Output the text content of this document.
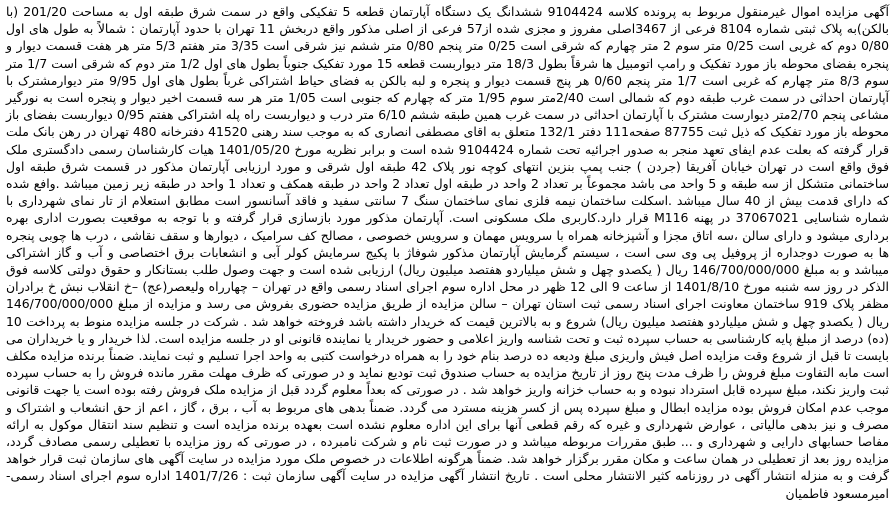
آگهی مزایده اموال غیرمنقول مربوط به پرونده کلاسه 9104424 ششدانگ یک دستگاه آپارتمان قطعه 5 تفکیکی واقع در سمت شرق طبقه اول به مساحت 201/20 (با بالکن)به پلاک ثبتی شماره 8104 فرعی از 3467اصلی مفروز و مجزی شده از57 فرعی از اصلی مذکور واقع دربخش 11 تهران با حدود آپارتمان : شمالاً به طول های اول 0/80 دوم که غربی است 0/25 متر سوم 2 متر چهارم که شرقی است 0/25 متر پنجم 0/80 متر ششم نیز شرقی است 3/35 متر هفتم 5/3 متر هر هفت قسمت دیوار و پنجره بفضای محوطه باز مورد تفکیک و رامپ اتومبیل ها شرقاً بطول 18/3 متر دیواربست قطعه 15 مورد تفکیک جنوباً بطول های اول 1/2 متر دوم که شرقی است 1/7 متر سوم 8/3 متر چهارم که غربی است 1/7 متر پنجم 0/60 هر پنج قسمت دیوار و پنجره و لبه بالکن به فضای حیاط اشتراکی غرباً بطول های اول 9/95 متر دیوارمشترک با آپارتمان احداثی در سمت غرب طبقه دوم که شمالی است 2/40متر سوم 1/95 متر که چهارم که جنوبی است 1/05 متر هر سه قسمت اخیر دیوار و پنجره است به نورگیر مشاعی پنجم 2/70متر دیوارست مشترک با آپارتمان احداثی در سمت غرب همین طبقه ششم 6/10 متر درب و دیواربست راه پله اشتراکی هفتم 0/95 دیواربست بفضای باز محوطه باز مورد تفکیک که ذیل ثبت 87755 صفحه111 دفتر 132/1 متعلق به اقای مصطفی انصاری که به موجب سند رهنی 41520 دفترخانه 480 تهران در رهن بانک ملت قرار گرفته که بعلت عدم ایفای تعهد منجر به صدور اجرائیه تحت شماره 9104424 شده است و برابر نظریه مورخ 1401/05/20 هیات کارشناسان رسمی دادگستری ملک فوق واقع است در تهران خیابان آفریقا (جردن ) جنب پمپ بنزین انتهای کوچه نور پلاک 42 طبقه اول شرقی و مورد ارزیابی آپارتمان مذکور در قسمت شرق طبقه اول ساختمانی متشکل از سه طبقه و 5 واحد می باشد مجموعاً بر تعداد 2 واحد در طبقه اول تعداد 2 واحد در طبقه همکف و تعداد 1 واحد در طبقه زیر زمین میباشد .وافع شده که دارای قدمت بیش از 40 سال میباشد .اسکلت ساختمان نیمه فلزی نمای ساختمان سنگ 7 سانتی سفید و فاقد آسانسور است مطابق استعلام از تار نمای شهرداری با شماره شناسایی 37067021 در پهنه M116 قرار دارد.کاربری ملک مسکونی است. آپارتمان مذکور مورد بازسازی قرار گرفته و با توجه به موقعیت بصورت اداری بهره برداری میشود و دارای سالن ،سه اتاق مجزا و آشپزخانه همراه با سرویس مهمان و سرویس خصوصی ، مصالح کف سرامیک ، دیوارها و سقف نقاشی ، درب ها چوبی پنجره ها به صورت دوجداره از پروفیل پی وی سی است ، سیستم گرمایش آپارتمان مذکور شوفاژ با پکیج سرمایش کولر آبی و انشعابات برق اختصاصی و آب و گاز اشتراکی میباشد و به مبلغ 146/700/000/000 ریال ( یکصدو چهل و شش میلیاردو هفتصد میلیون ریال) ارزیابی شده است و جهت وصول طلب بستانکار و حقوق دولتی کلاسه فوق الذکر در روز سه شنبه مورخ 1401/8/10 از ساعت 9 الی 12 ظهر در محل اداره سوم اجرای اسناد رسمی واقع در تهران – چهارراه ولیعصر(عج) –خ انقلاب نبش خ برادران مظفر پلاک 919 ساختمان معاونت اجرای اسناد رسمی ثبت استان تهران – سالن مزایده از طریق مزایده حضوری بفروش می رسد و مزایده از مبلغ 146/700/000/000 ریال ( یکصدو چهل و شش میلیاردو هفتصد میلیون ریال) شروع و به بالاترین قیمت که خریدار داشته باشد فروخته خواهد شد . شرکت در جلسه مزایده منوط به پرداخت 10 (ده) درصد از مبلغ پایه کارشناسی به حساب سپرده ثبت و تحت شناسه واریز اعلامی و حضور خریدار یا نماینده قانونی او در جلسه مزایده است. لذا خریدار و یا خریداران می بایست تا قبل از شروع وقت مزایده اصل فیش واریزی مبلغ ودیعه ده درصد بنام خود را به همراه درخواست کتبی به واحد اجرا تسلیم و ثبت نمایند. ضمناً برنده مزایده مکلف است مابه التفاوت مبلغ فروش را ظرف مدت پنج روز از تاریخ مزایده به حساب صندوق ثبت تودیع نماید و در صورتی که ظرف مهلت مقرر مانده فروش را به حساب سپرده ثبت واریز نکند، مبلغ سپرده قابل استرداد نبوده و به حساب خزانه واریز خواهد شد . در صورتی که بعداً معلوم گردد قبل از مزایده ملک فروش رفته بوده است یا جهت قانونی موجب عدم امکان فروش بوده مزایده ابطال و مبلغ سپرده پس از کسر هزینه مسترد می گردد. ضمناً بدهی های مربوط به آب ، برق ، گاز ، اعم از حق انشعاب و اشتراک و مصرف و نیز بدهی مالیاتی ، عوارض شهرداری و غیره که رقم قطعی آنها برای این اداره معلوم نشده است بعهده برنده مزایده است و تنظیم سند انتقال موکول به ارائه مفاصا حسابهای دارایی و شهرداری و ... طبق مقررات مربوطه میباشد و در صورت ثبت نام و شرکت نامبرده ، در صورتی که روز مزایده با تعطیلی رسمی مصادف گردد، مزایده روز بعد از تعطیلی در همان ساعت و مکان مقرر برگزار خواهد شد. ضمناً هرگونه اطلاعات در خصوص ملک مورد مزایده در سایت آگهی های سازمان ثبت قرار خواهد گرفت و به منزله انتشار آگهی در روزنامه کثیر الانتشار محلی است . تاریخ انتشار آگهی مزایده در سایت آگهی سازمان ثبت : 1401/7/26 اداره سوم اجرای اسناد رسمی- امیرمسعود فاطمیان
